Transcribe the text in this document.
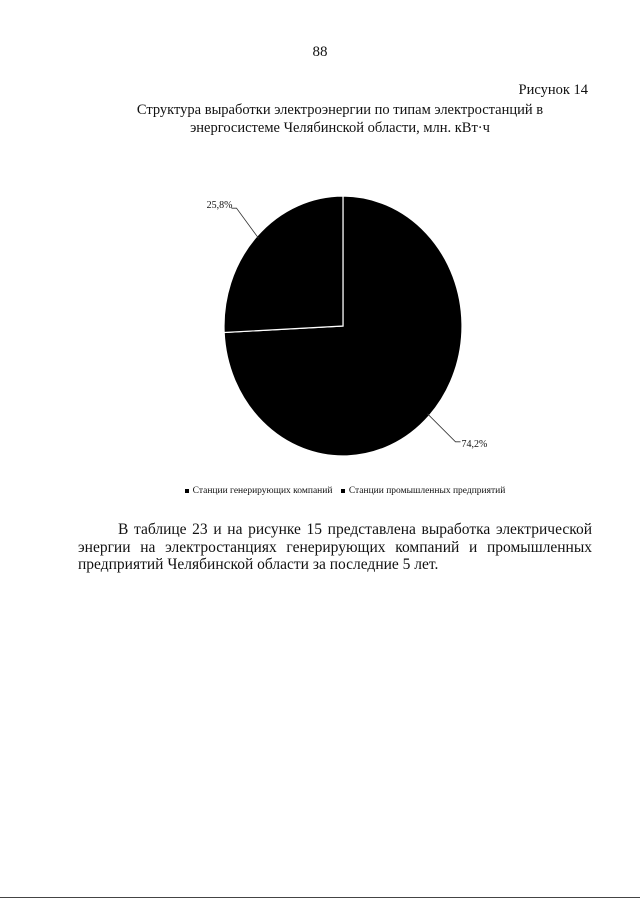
88
Рисунок 14
Структура выработки электроэнергии по типам электростанций в
энергосистеме Челябинской области, млн. кВт·ч
74,2%
25,8%
Станции генерирующих компаний Станции промышленных предприятий

В таблице 23 и на рисунке 15 представлена выработка электрической энергии на электростанциях генерирующих компаний и промышленных предприятий Челябинской области за последние 5 лет.
